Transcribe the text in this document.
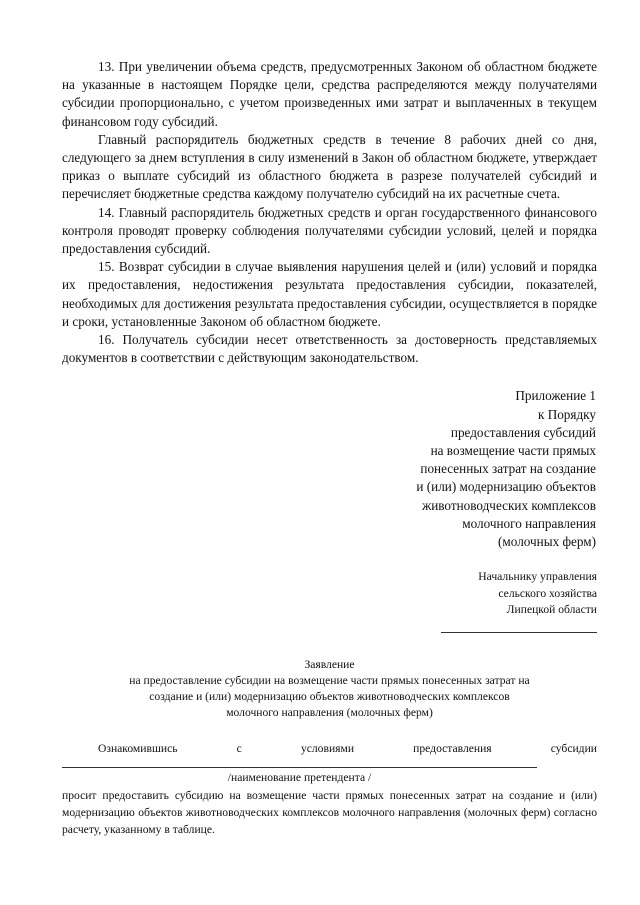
13. При увеличении объема средств, предусмотренных Законом об областном бюджете на указанные в настоящем Порядке цели, средства распределяются между получателями субсидии пропорционально, с учетом произведенных ими затрат и выплаченных в текущем финансовом году субсидий.

Главный распорядитель бюджетных средств в течение 8 рабочих дней со дня, следующего за днем вступления в силу изменений в Закон об областном бюджете, утверждает приказ о выплате субсидий из областного бюджета в разрезе получателей субсидий и перечисляет бюджетные средства каждому получателю субсидий на их расчетные счета.

14. Главный распорядитель бюджетных средств и орган государственного финансового контроля проводят проверку соблюдения получателями субсидии условий, целей и порядка предоставления субсидий.

15. Возврат субсидии в случае выявления нарушения целей и (или) условий и порядка их предоставления, недостижения результата предоставления субсидии, показателей, необходимых для достижения результата предоставления субсидии, осуществляется в порядке и сроки, установленные Законом об областном бюджете.

16. Получатель субсидии несет ответственность за достоверность представляемых документов в соответствии с действующим законодательством.

Приложение 1
к Порядку
предоставления субсидий
на возмещение части прямых
понесенных затрат на создание
и (или) модернизацию объектов
животноводческих комплексов
молочного направления
(молочных ферм)
Начальнику управления
сельского хозяйства
Липецкой области
Заявление
на предоставление субсидии на возмещение части прямых понесенных затрат на
создание и (или) модернизацию объектов животноводческих комплексов
молочного направления (молочных ферм)
Ознакомившись	с	условиями	предоставления	субсидии
/наименование претендента /

просит предоставить субсидию на возмещение части прямых понесенных затрат на создание и (или) модернизацию объектов животноводческих комплексов молочного направления (молочных ферм) согласно расчету, указанному в таблице.
